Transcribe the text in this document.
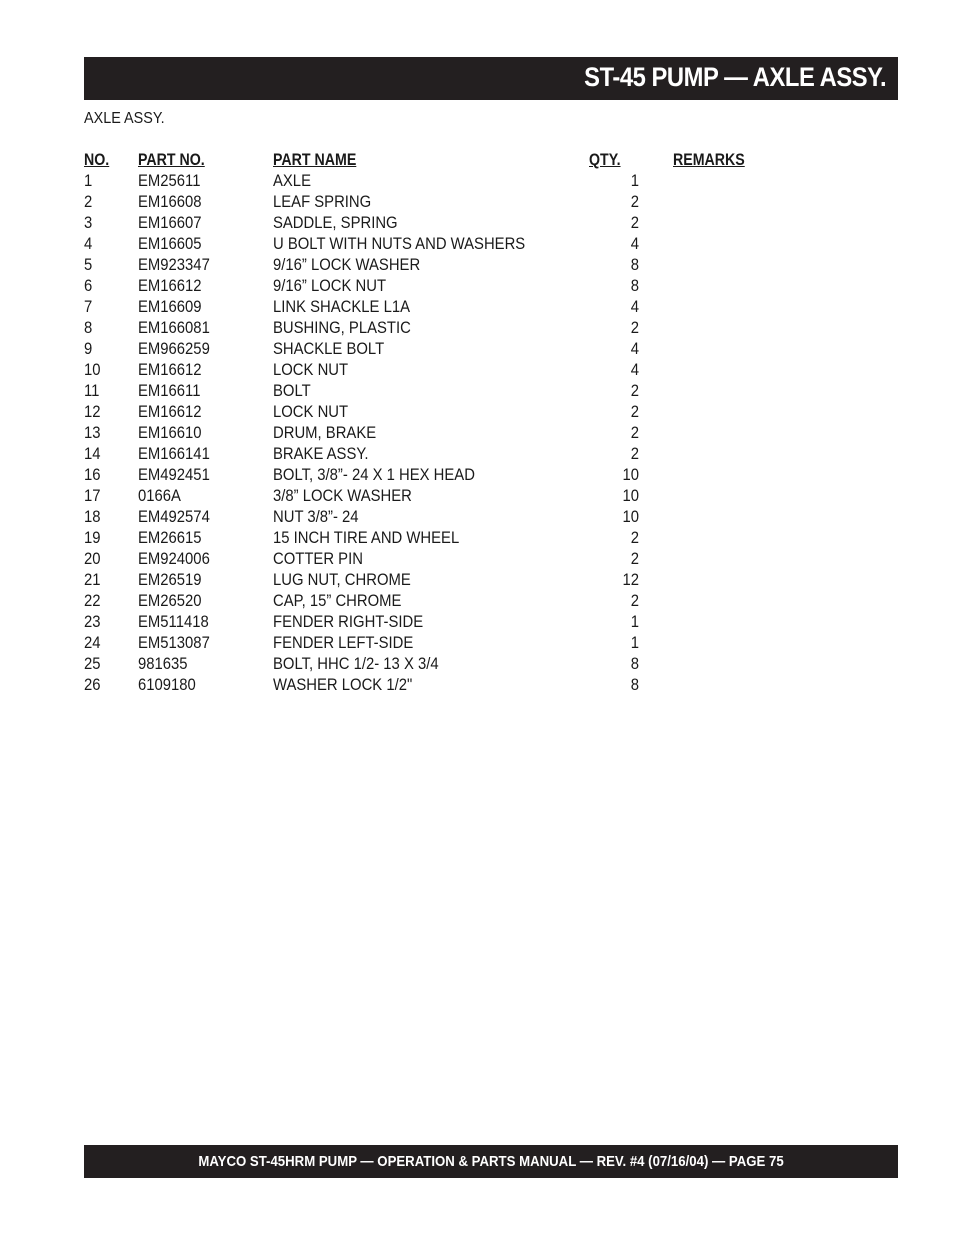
ST-45 PUMP — AXLE ASSY.
AXLE ASSY.
NO. PART NO.	PART NAME	QTY.	REMARKS
1	EM25611	AXLE	1
2	EM16608	LEAF SPRING	2
3	EM16607	SADDLE, SPRING	2
4	EM16605	U BOLT WITH NUTS AND WASHERS	4
5	EM923347	9/16” LOCK WASHER	8
6	EM16612	9/16” LOCK NUT	8
7	EM16609	LINK SHACKLE L1A	4
8	EM166081	BUSHING, PLASTIC	2
9	EM966259	SHACKLE BOLT	4
10 EM16612	LOCK NUT	4
11 EM16611	BOLT	2
12 EM16612	LOCK NUT	2
13 EM16610	DRUM, BRAKE	2
14 EM166141	BRAKE ASSY.	2
16 EM492451	BOLT, 3/8”- 24 X 1 HEX HEAD	10
17 0166A	3/8” LOCK WASHER	10
18 EM492574	NUT 3/8”- 24	10
19 EM26615	15 INCH TIRE AND WHEEL	2
20 EM924006	COTTER PIN	2
21 EM26519	LUG NUT, CHROME	12
22 EM26520	CAP, 15” CHROME	2
23 EM511418	FENDER RIGHT-SIDE	1
24 EM513087	FENDER LEFT-SIDE	1
25 981635	BOLT, HHC 1/2- 13 X 3/4	8
26 6109180	WASHER LOCK 1/2"	8
MAYCO ST-45HRM PUMP — OPERATION & PARTS MANUAL — REV. #4 (07/16/04) — PAGE 75
